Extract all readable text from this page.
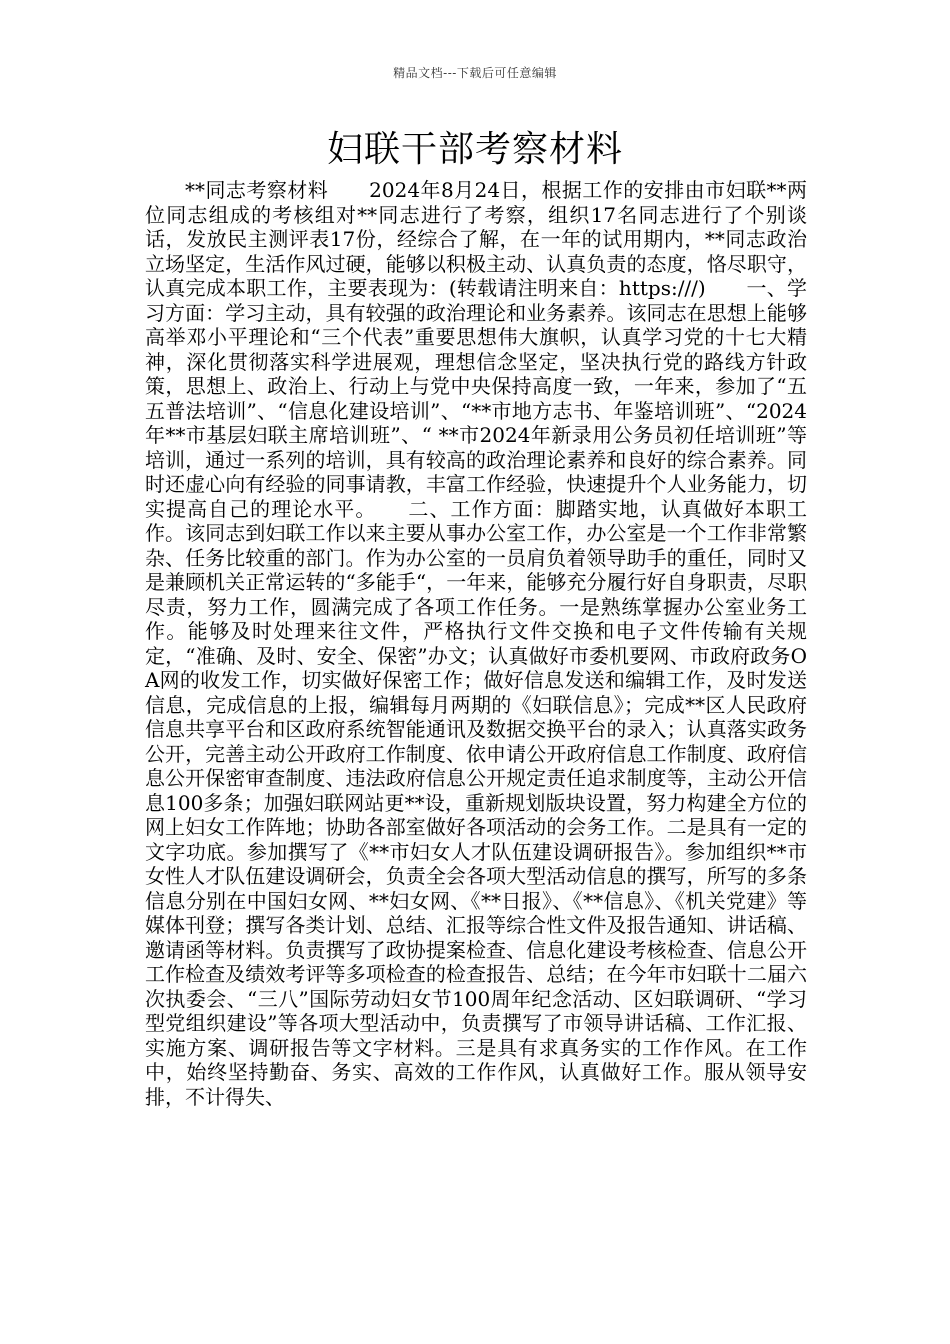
精品文档---下载后可任意编辑
妇联干部考察材料

**同志考察材料　　2024年8月24日，根据工作的安排由市妇联**两位同志组成的考核组对**同志进行了考察，组织17名同志进行了个别谈话，发放民主测评表17份，经综合了解，在一年的试用期内，**同志政治立场坚定，生活作风过硬，能够以积极主动、认真负责的态度，恪尽职守，认真完成本职工作，主要表现为：(转载请注明来自：https:///)　　一、学习方面：学习主动，具有较强的政治理论和业务素养。该同志在思想上能够高举邓小平理论和“三个代表”重要思想伟大旗帜，认真学习党的十七大精神，深化贯彻落实科学进展观，理想信念坚定，坚决执行党的路线方针政策，思想上、政治上、行动上与党中央保持高度一致，一年来，参加了“五五普法培训”、“信息化建设培训”、“**市地方志书、年鉴培训班”、“2024年**市基层妇联主席培训班”、“ **市2024年新录用公务员初任培训班”等培训，通过一系列的培训，具有较高的政治理论素养和良好的综合素养。同时还虚心向有经验的同事请教，丰富工作经验，快速提升个人业务能力，切实提高自己的理论水平。　　二、工作方面：脚踏实地，认真做好本职工作。该同志到妇联工作以来主要从事办公室工作，办公室是一个工作非常繁杂、任务比较重的部门。作为办公室的一员肩负着领导助手的重任，同时又是兼顾机关正常运转的“多能手“，一年来，能够充分履行好自身职责，尽职尽责，努力工作，圆满完成了各项工作任务。一是熟练掌握办公室业务工作。能够及时处理来往文件，严格执行文件交换和电子文件传输有关规定，“准确、及时、安全、保密”办文；认真做好市委机要网、市政府政务OA网的收发工作，切实做好保密工作；做好信息发送和编辑工作，及时发送信息，完成信息的上报，编辑每月两期的《妇联信息》；完成**区人民政府信息共享平台和区政府系统智能通讯及数据交换平台的录入；认真落实政务公开，完善主动公开政府工作制度、依申请公开政府信息工作制度、政府信息公开保密审查制度、违法政府信息公开规定责任追求制度等，主动公开信息100多条；加强妇联网站更**设，重新规划版块设置，努力构建全方位的网上妇女工作阵地；协助各部室做好各项活动的会务工作。二是具有一定的文字功底。参加撰写了《**市妇女人才队伍建设调研报告》。参加组织**市女性人才队伍建设调研会，负责全会各项大型活动信息的撰写，所写的多条信息分别在中国妇女网、**妇女网、《**日报》、《**信息》、《机关党建》等媒体刊登；撰写各类计划、总结、汇报等综合性文件及报告通知、讲话稿、邀请函等材料。负责撰写了政协提案检查、信息化建设考核检查、信息公开工作检查及绩效考评等多项检查的检查报告、总结；在今年市妇联十二届六次执委会、“三八”国际劳动妇女节100周年纪念活动、区妇联调研、“学习型党组织建设”等各项大型活动中，负责撰写了市领导讲话稿、工作汇报、实施方案、调研报告等文字材料。三是具有求真务实的工作作风。在工作中，始终坚持勤奋、务实、高效的工作作风，认真做好工作。服从领导安排，不计得失、
